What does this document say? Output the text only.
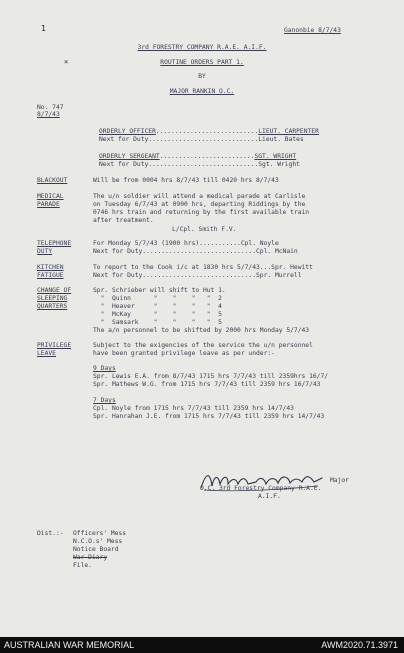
1
×
Ganonbie 8/7/43
3rd FORESTRY COMPANY R.A.E. A.I.F.
ROUTINE ORDERS PART 1.
BY
MAJOR RANKIN O.C.
No. 747
8/7/43
ORDERLY OFFICER...........................LIEUT. CARPENTER
Next for Duty.............................Lieut. Bates
ORDERLY SERGEANT.........................SGT. WRIGHT
Next for Duty.............................Sgt. Wright
BLACKOUT	Will be from 0004 hrs 8/7/43 till 0420 hrs 8/7/43
MEDICAL
PARADE
The u/n soldier will attend a medical parade at Carlisle
on Tuesday 6/7/43 at 0900 hrs, departing Riddings by the
0746 hrs train and returning by the first available train
after treatment.
L/Cpl. Smith F.V.
TELEPHONE
DUTY
For Monday 5/7/43 (1900 hrs)...........Cpl. Noyle
Next for Duty..............................Cpl. McNain
KITCHEN
FATIGUE
To report to the Cook i/c at 1830 hrs 5/7/43...Spr. Hewitt
Next for Duty..............................Spr. Murrell
CHANGE OF
SLEEPING
QUARTERS
Spr. Schrieber will shift to Hut 1.
"  Quinn      "    "    "   "  2
"  Heaver     "    "    "   "  4
"  McKay      "    "    "   "  5
"  Samsark    "    "    "   "  5
The a/n personnel to be shifted by 2000 hrs Monday 5/7/43
PRIVILEGE
LEAVE
Subject to the exigencies of the service the u/n personnel
have been granted privilege leave as per under:-
9 Days
Spr. Lewis E.A. from 8/7/43 1715 hrs 7/7/43 till 2359hrs 16/7/
Spr. Mathews W.G. from 1715 hrs 7/7/43 till 2359 hrs 16/7/43
7 Days
Cpl. Noyle from 1715 hrs 7/7/43 till 2359 hrs 14/7/43
Spr. Hanrahan J.E. from 1715 hrs 7/7/43 till 2359 hrs 14/7/43
Major
O.C. 3rd Forestry Company R.A.E.
A.I.F.
Dist.:- Officers' Mess
N.C.O.s' Mess
Notice Board
War Diary
File.
AUSTRALIAN WAR MEMORIAL	AWM2020.71.3971
